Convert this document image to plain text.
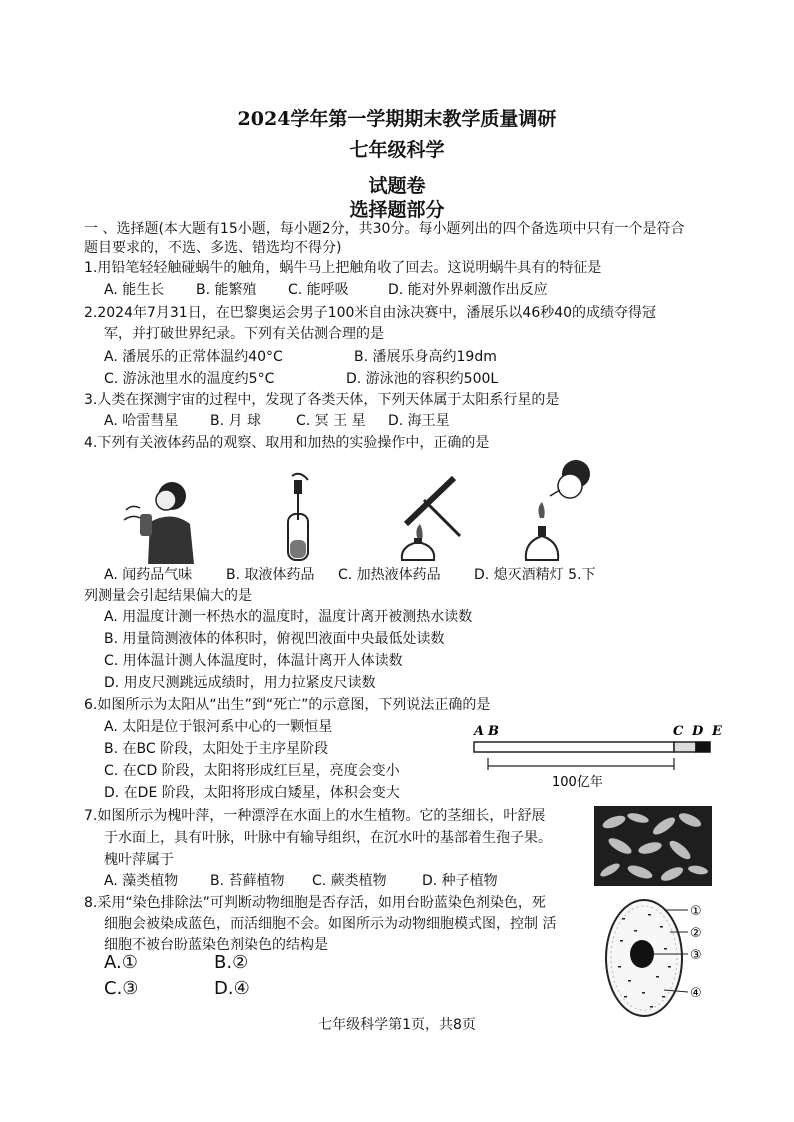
2024学年第一学期期末教学质量调研
七年级科学
试题卷
选择题部分
一 、选择题(本大题有15小题，每小题2分，共30分。每小题列出的四个备选项中只有一个是符合
题目要求的，不选、多选、错选均不得分)
1.用铅笔轻轻触碰蜗牛的触角，蜗牛马上把触角收了回去。这说明蜗牛具有的特征是
A. 能生长 B. 能繁殖 C. 能呼吸	D. 能对外界刺激作出反应
2.2024年7月31日，在巴黎奥运会男子100米自由泳决赛中，潘展乐以46秒40的成绩夺得冠
军，并打破世界纪录。下列有关估测合理的是
A. 潘展乐的正常体温约40°C	B. 潘展乐身高约19dm
C. 游泳池里水的温度约5°C	D. 游泳池的容积约500L
3.人类在探测宇宙的过程中，发现了各类天体，下列天体属于太阳系行星的是
A. 哈雷彗星 B. 月 球	C. 冥 王 星 D. 海王星
4.下列有关液体药品的观察、取用和加热的实验操作中，正确的是
A. 闻药品气味 B. 取液体药品 C. 加热液体药品 D. 熄灭酒精灯 5.下
列测量会引起结果偏大的是
A. 用温度计测一杯热水的温度时，温度计离开被测热水读数
B. 用量筒测液体的体积时，俯视凹液面中央最低处读数
C. 用体温计测人体温度时，体温计离开人体读数
D. 用皮尺测跳远成绩时，用力拉紧皮尺读数
6.如图所示为太阳从“出生”到“死亡”的示意图，下列说法正确的是
A. 太阳是位于银河系中心的一颗恒星
B. 在BC 阶段，太阳处于主序星阶段
C. 在CD 阶段，太阳将形成红巨星，亮度会变小
D. 在DE 阶段，太阳将形成白矮星，体积会变大
A B	C D E
100亿年
7.如图所示为槐叶萍，一种漂浮在水面上的水生植物。它的茎细长，叶舒展
于水面上，具有叶脉，叶脉中有输导组织，在沉水叶的基部着生孢子果。
槐叶萍属于
A. 藻类植物 B. 苔藓植物 C. 蕨类植物	D. 种子植物
8.采用“染色排除法”可判断动物细胞是否存活，如用台盼蓝染色剂染色，死
细胞会被染成蓝色，而活细胞不会。如图所示为动物细胞模式图，控制 活
细胞不被台盼蓝染色剂染色的结构是
A.①	B.②
C.③	D.④
①
②
③
④
七年级科学第1页，共8页
